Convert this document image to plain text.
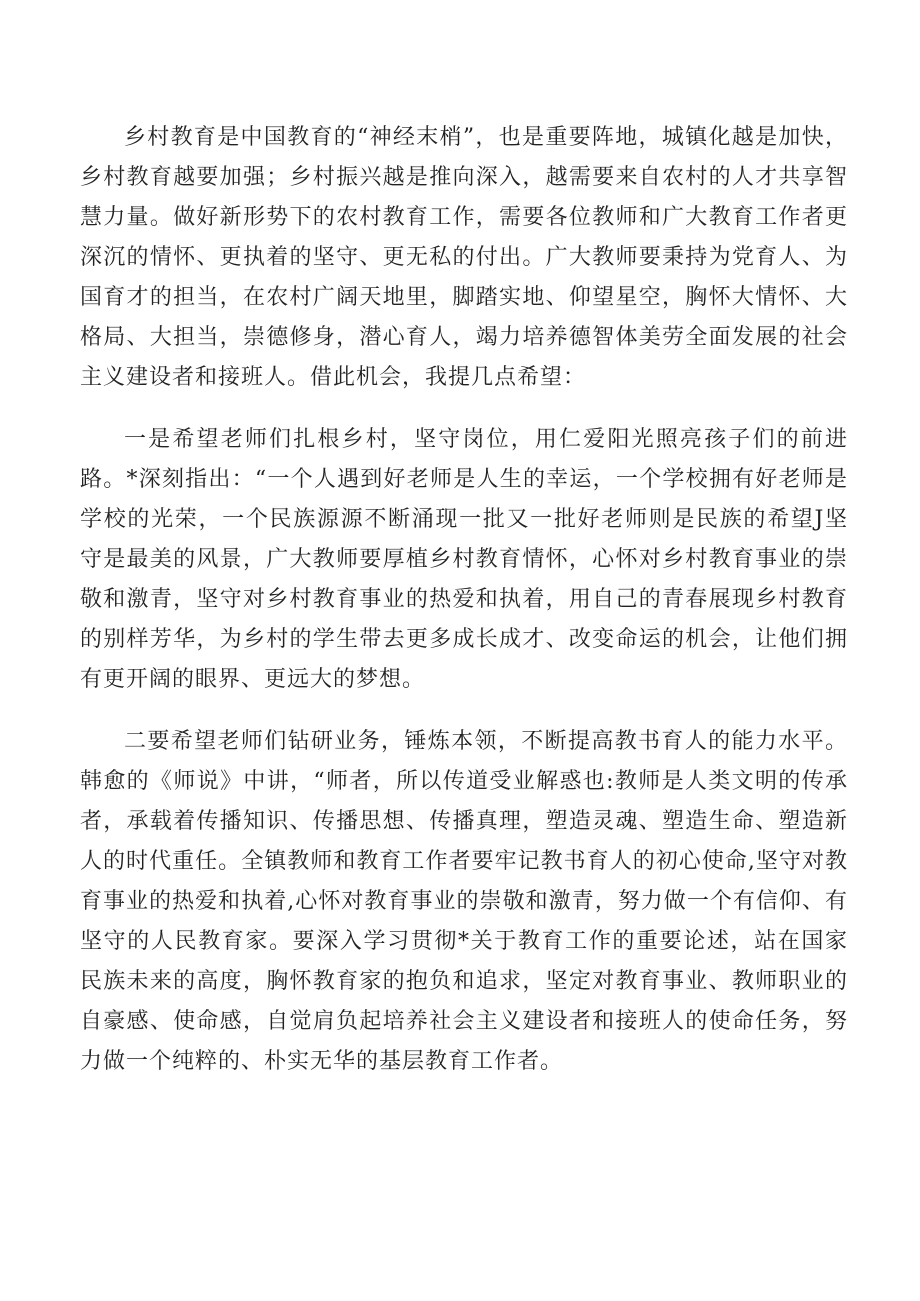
乡村教育是中国教育的“神经末梢”，也是重要阵地，城镇化越是加快，乡村教育越要加强；乡村振兴越是推向深入，越需要来自农村的人才共享智慧力量。做好新形势下的农村教育工作，需要各位教师和广大教育工作者更深沉的情怀、更执着的坚守、更无私的付出。广大教师要秉持为党育人、为国育才的担当，在农村广阔天地里，脚踏实地、仰望星空，胸怀大情怀、大格局、大担当，崇德修身，潜心育人，竭力培养德智体美劳全面发展的社会主义建设者和接班人。借此机会，我提几点希望：

一是希望老师们扎根乡村，坚守岗位，用仁爱阳光照亮孩子们的前进路。*深刻指出：“一个人遇到好老师是人生的幸运，一个学校拥有好老师是学校的光荣，一个民族源源不断涌现一批又一批好老师则是民族的希望J坚守是最美的风景，广大教师要厚植乡村教育情怀，心怀对乡村教育事业的崇敬和激青，坚守对乡村教育事业的热爱和执着，用自己的青春展现乡村教育的别样芳华，为乡村的学生带去更多成长成才、改变命运的机会，让他们拥有更开阔的眼界、更远大的梦想。

二要希望老师们钻研业务，锤炼本领，不断提高教书育人的能力水平。韩愈的《师说》中讲，“师者，所以传道受业解惑也:教师是人类文明的传承者，承载着传播知识、传播思想、传播真理，塑造灵魂、塑造生命、塑造新人的时代重任。全镇教师和教育工作者要牢记教书育人的初心使命,坚守对教育事业的热爱和执着,心怀对教育事业的崇敬和激青，努力做一个有信仰、有坚守的人民教育家。要深入学习贯彻*关于教育工作的重要论述，站在国家民族未来的高度，胸怀教育家的抱负和追求，坚定对教育事业、教师职业的自豪感、使命感，自觉肩负起培养社会主义建设者和接班人的使命任务，努力做一个纯粹的、朴实无华的基层教育工作者。
